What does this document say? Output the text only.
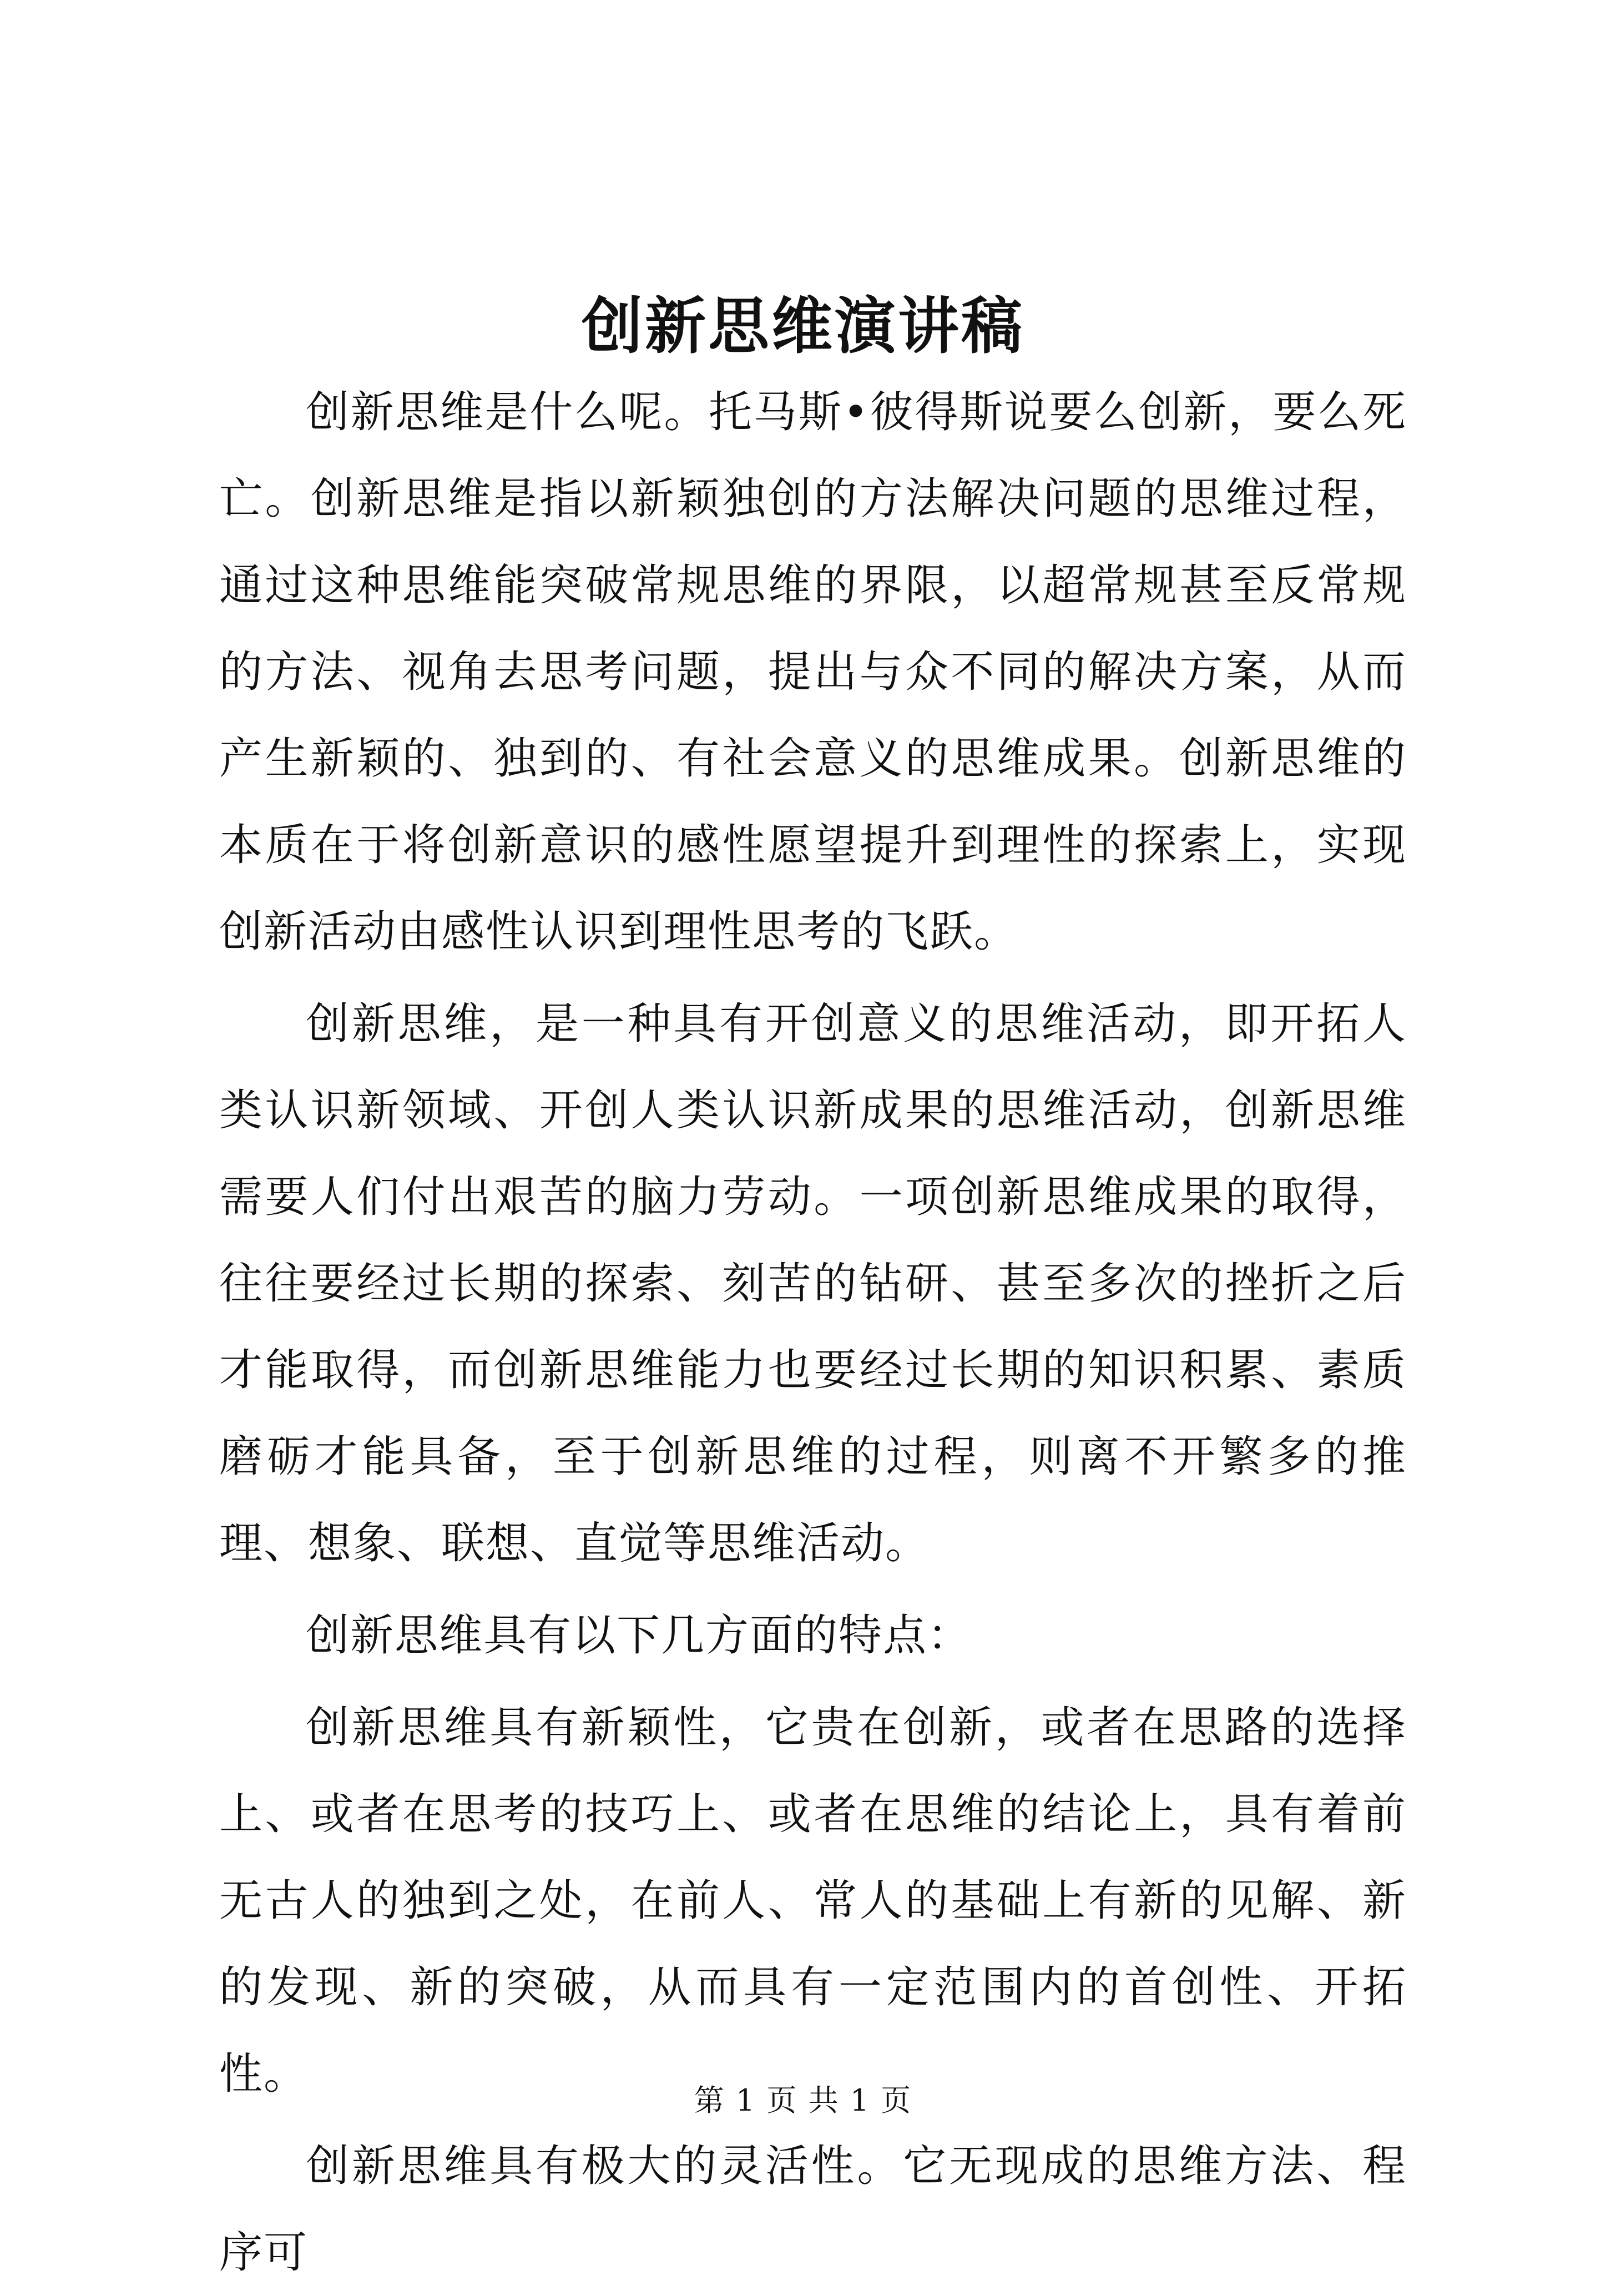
创新思维演讲稿

创新思维是什么呢。托马斯•彼得斯说要么创新，要么死亡。创新思维是指以新颖独创的方法解决问题的思维过程，通过这种思维能突破常规思维的界限，以超常规甚至反常规的方法、视角去思考问题，提出与众不同的解决方案，从而产生新颖的、独到的、有社会意义的思维成果。创新思维的本质在于将创新意识的感性愿望提升到理性的探索上，实现创新活动由感性认识到理性思考的飞跃。

创新思维，是一种具有开创意义的思维活动，即开拓人类认识新领域、开创人类认识新成果的思维活动，创新思维需要人们付出艰苦的脑力劳动。一项创新思维成果的取得，往往要经过长期的探索、刻苦的钻研、甚至多次的挫折之后才能取得，而创新思维能力也要经过长期的知识积累、素质磨砺才能具备，至于创新思维的过程，则离不开繁多的推理、想象、联想、直觉等思维活动。

创新思维具有以下几方面的特点：

创新思维具有新颖性，它贵在创新，或者在思路的选择上、或者在思考的技巧上、或者在思维的结论上，具有着前无古人的独到之处，在前人、常人的基础上有新的见解、新的发现、新的突破，从而具有一定范围内的首创性、开拓性。

创新思维具有极大的灵活性。它无现成的思维方法、程序可

第 1 页 共 1 页
